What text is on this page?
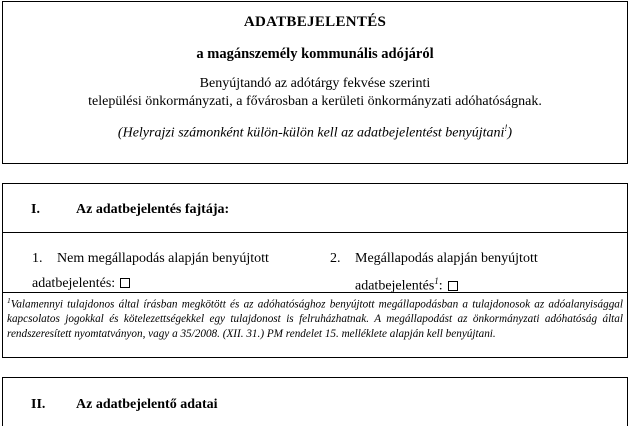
ADATBEJELENTÉS
a magánszemély kommunális adójáról
Benyújtandó az adótárgy fekvése szerinti
települési önkormányzati, a fővárosban a kerületi önkormányzati adóhatóságnak.
(Helyrajzi számonként külön-külön kell az adatbejelentést benyújtani!)
I.	Az adatbejelentés fajtája:
1. Nem megállapodás alapján benyújtott
adatbejelentés:
2. Megállapodás alapján benyújtott
adatbejelentés$^1$:
$^1$Valamennyi tulajdonos által írásban megkötött és az adóhatósághoz benyújtott megállapodásban a tulajdonosok az adóalanyisággal kapcsolatos jogokkal és kötelezettségekkel egy tulajdonost is felruházhatnak. A megállapodást az önkormányzati adóhatóság által rendszeresített nyomtatványon, vagy a 35/2008. (XII. 31.) PM rendelet 15. melléklete alapján kell benyújtani.
II. Az adatbejelentő adatai
